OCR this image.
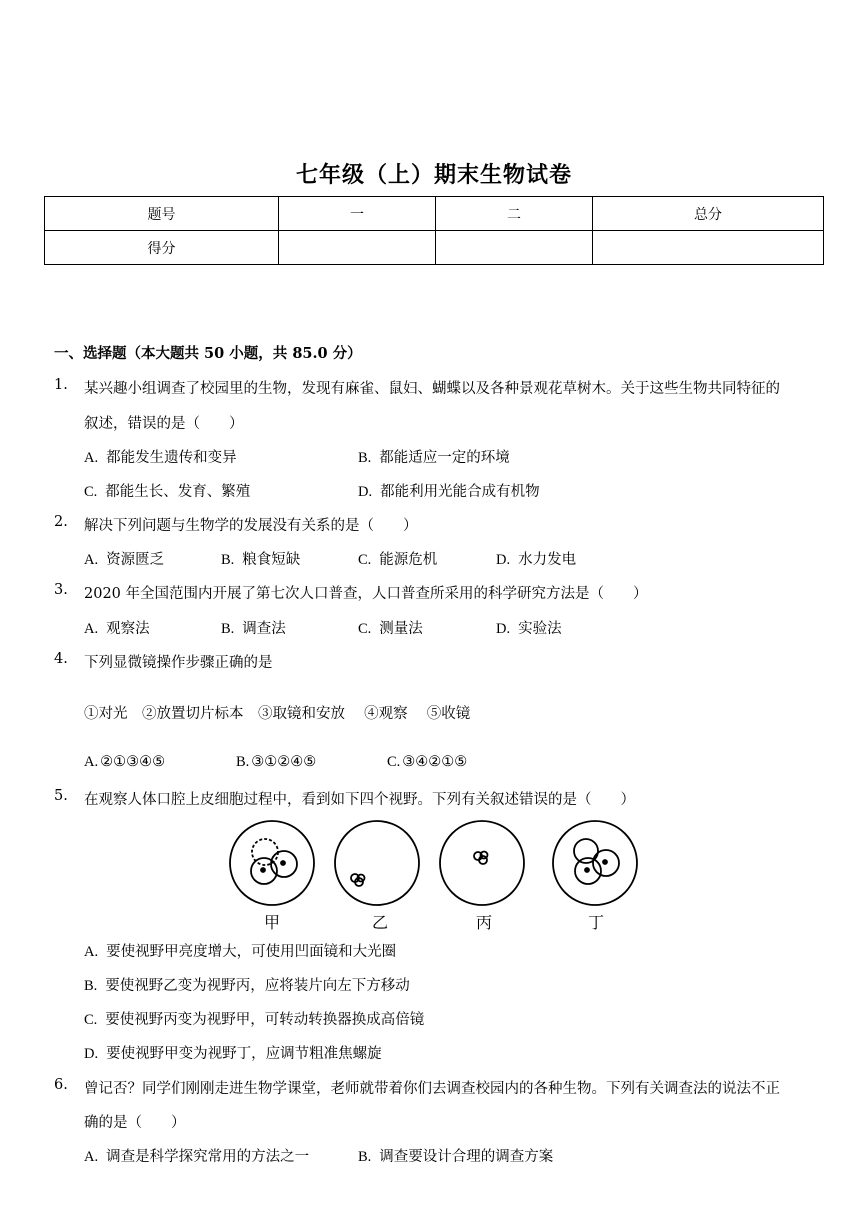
七年级（上）期末生物试卷
题号	一	二	总分
得分			
一、选择题（本大题共 50 小题，共 85.0 分）
1. 某兴趣小组调查了校园里的生物，发现有麻雀、鼠妇、蝴蝶以及各种景观花草树木。关于这些生物共同特征的
叙述，错误的是（　　）
A. 都能发生遗传和变异	B. 都能适应一定的环境
C. 都能生长、发育、繁殖	D. 都能利用光能合成有机物
2. 解决下列问题与生物学的发展没有关系的是（　　）
A. 资源匮乏	B. 粮食短缺	C. 能源危机	D. 水力发电
3. 2020 年全国范围内开展了第七次人口普查，人口普查所采用的科学研究方法是（　　）
A. 观察法	B. 调查法	C. 测量法	D. 实验法
4. 下列显微镜操作步骤正确的是
①对光　②放置切片标本　③取镜和安放　 ④观察　 ⑤收镜
A. ②①③④⑤	B. ③①②④⑤	C. ③④②①⑤
5. 在观察人体口腔上皮细胞过程中，看到如下四个视野。下列有关叙述错误的是（　　）
甲	乙	丙	丁
A. 要使视野甲亮度增大，可使用凹面镜和大光圈
B. 要使视野乙变为视野丙，应将装片向左下方移动
C. 要使视野丙变为视野甲，可转动转换器换成高倍镜
D. 要使视野甲变为视野丁，应调节粗准焦螺旋
6. 曾记否？同学们刚刚走进生物学课堂，老师就带着你们去调查校园内的各种生物。下列有关调查法的说法不正
确的是（　　）
A. 调查是科学探究常用的方法之一	B. 调查要设计合理的调查方案
